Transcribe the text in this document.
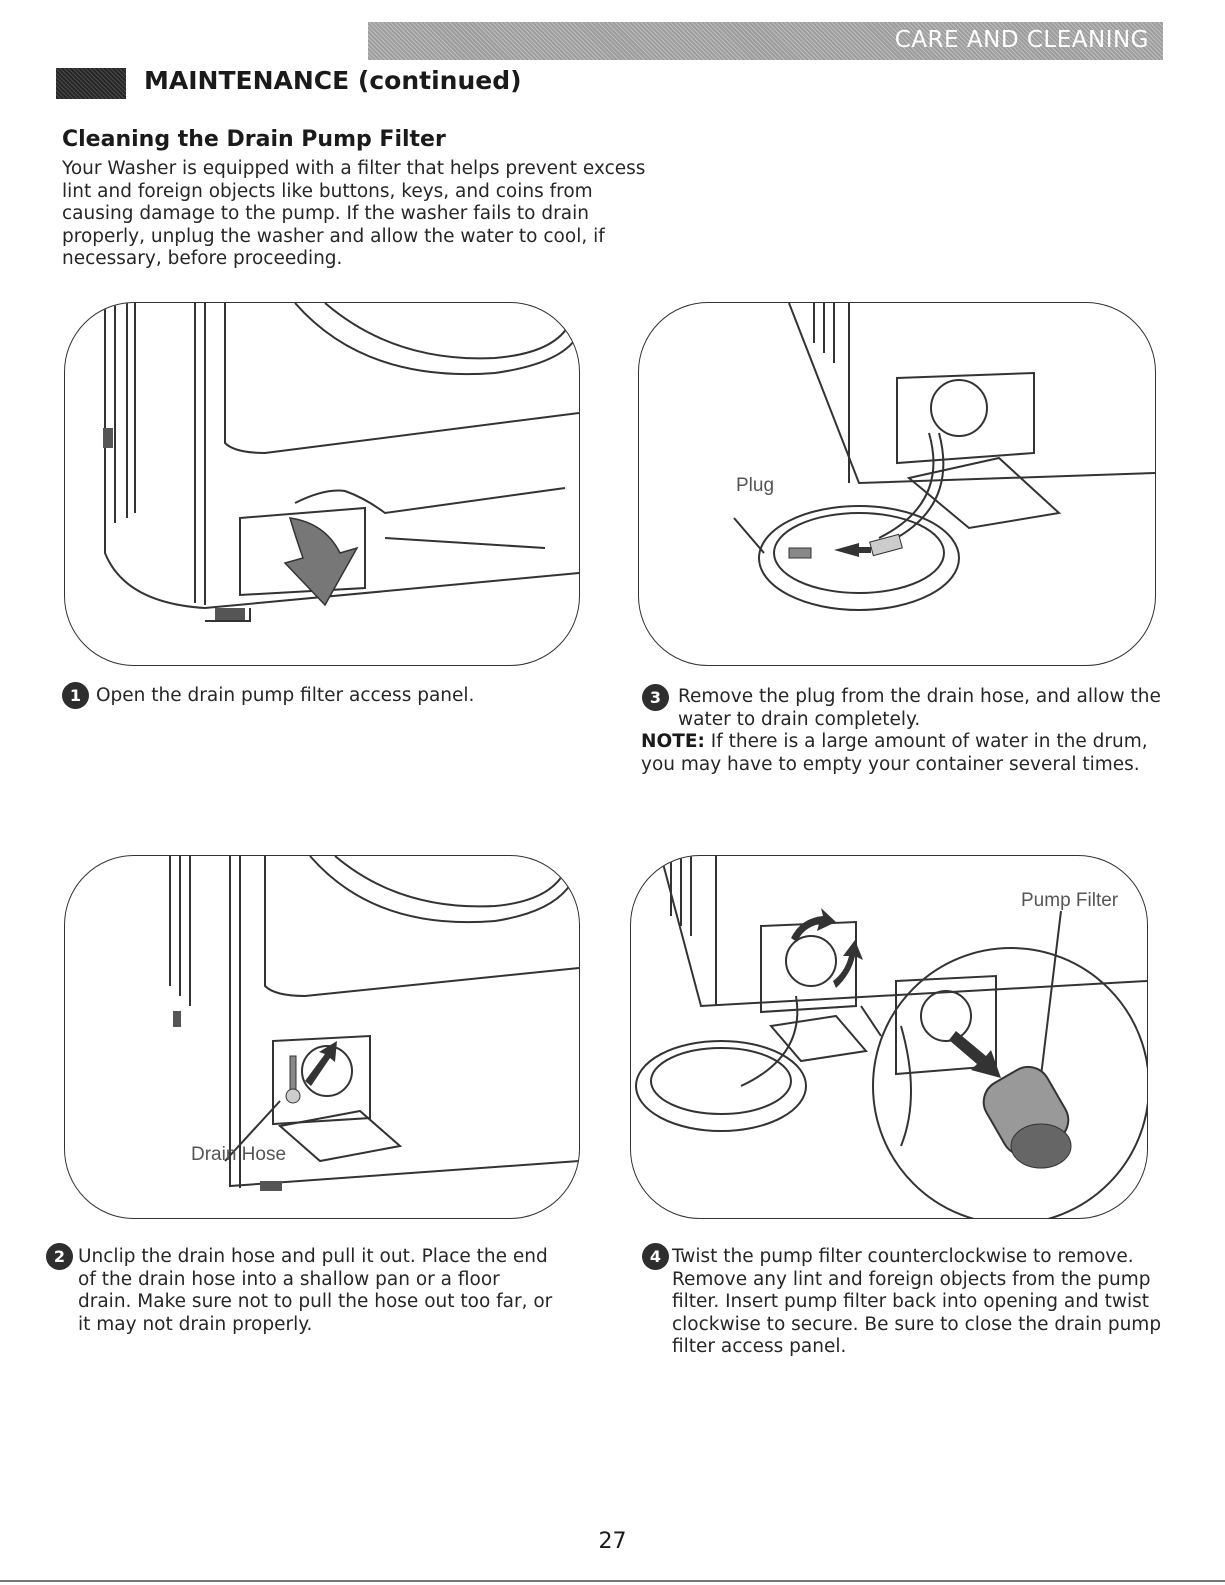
CARE AND CLEANING
MAINTENANCE (continued)
Cleaning the Drain Pump Filter
Your Washer is equipped with a filter that helps prevent excess
lint and foreign objects like buttons, keys, and coins from
causing damage to the pump. If the washer fails to drain
properly, unplug the washer and allow the water to cool, if
necessary, before proceeding.
Plug
1 Open the drain pump filter access panel.	3 Remove the plug from the drain hose, and allow the
water to drain completely.
NOTE: If there is a large amount of water in the drum,
you may have to empty your container several times.
Drain Hose
Pump Filter
2 Unclip the drain hose and pull it out. Place the end
of the drain hose into a shallow pan or a floor
drain. Make sure not to pull the hose out too far, or
it may not drain properly.
4 Twist the pump filter counterclockwise to remove.
Remove any lint and foreign objects from the pump
filter. Insert pump filter back into opening and twist
clockwise to secure. Be sure to close the drain pump
filter access panel.
27
